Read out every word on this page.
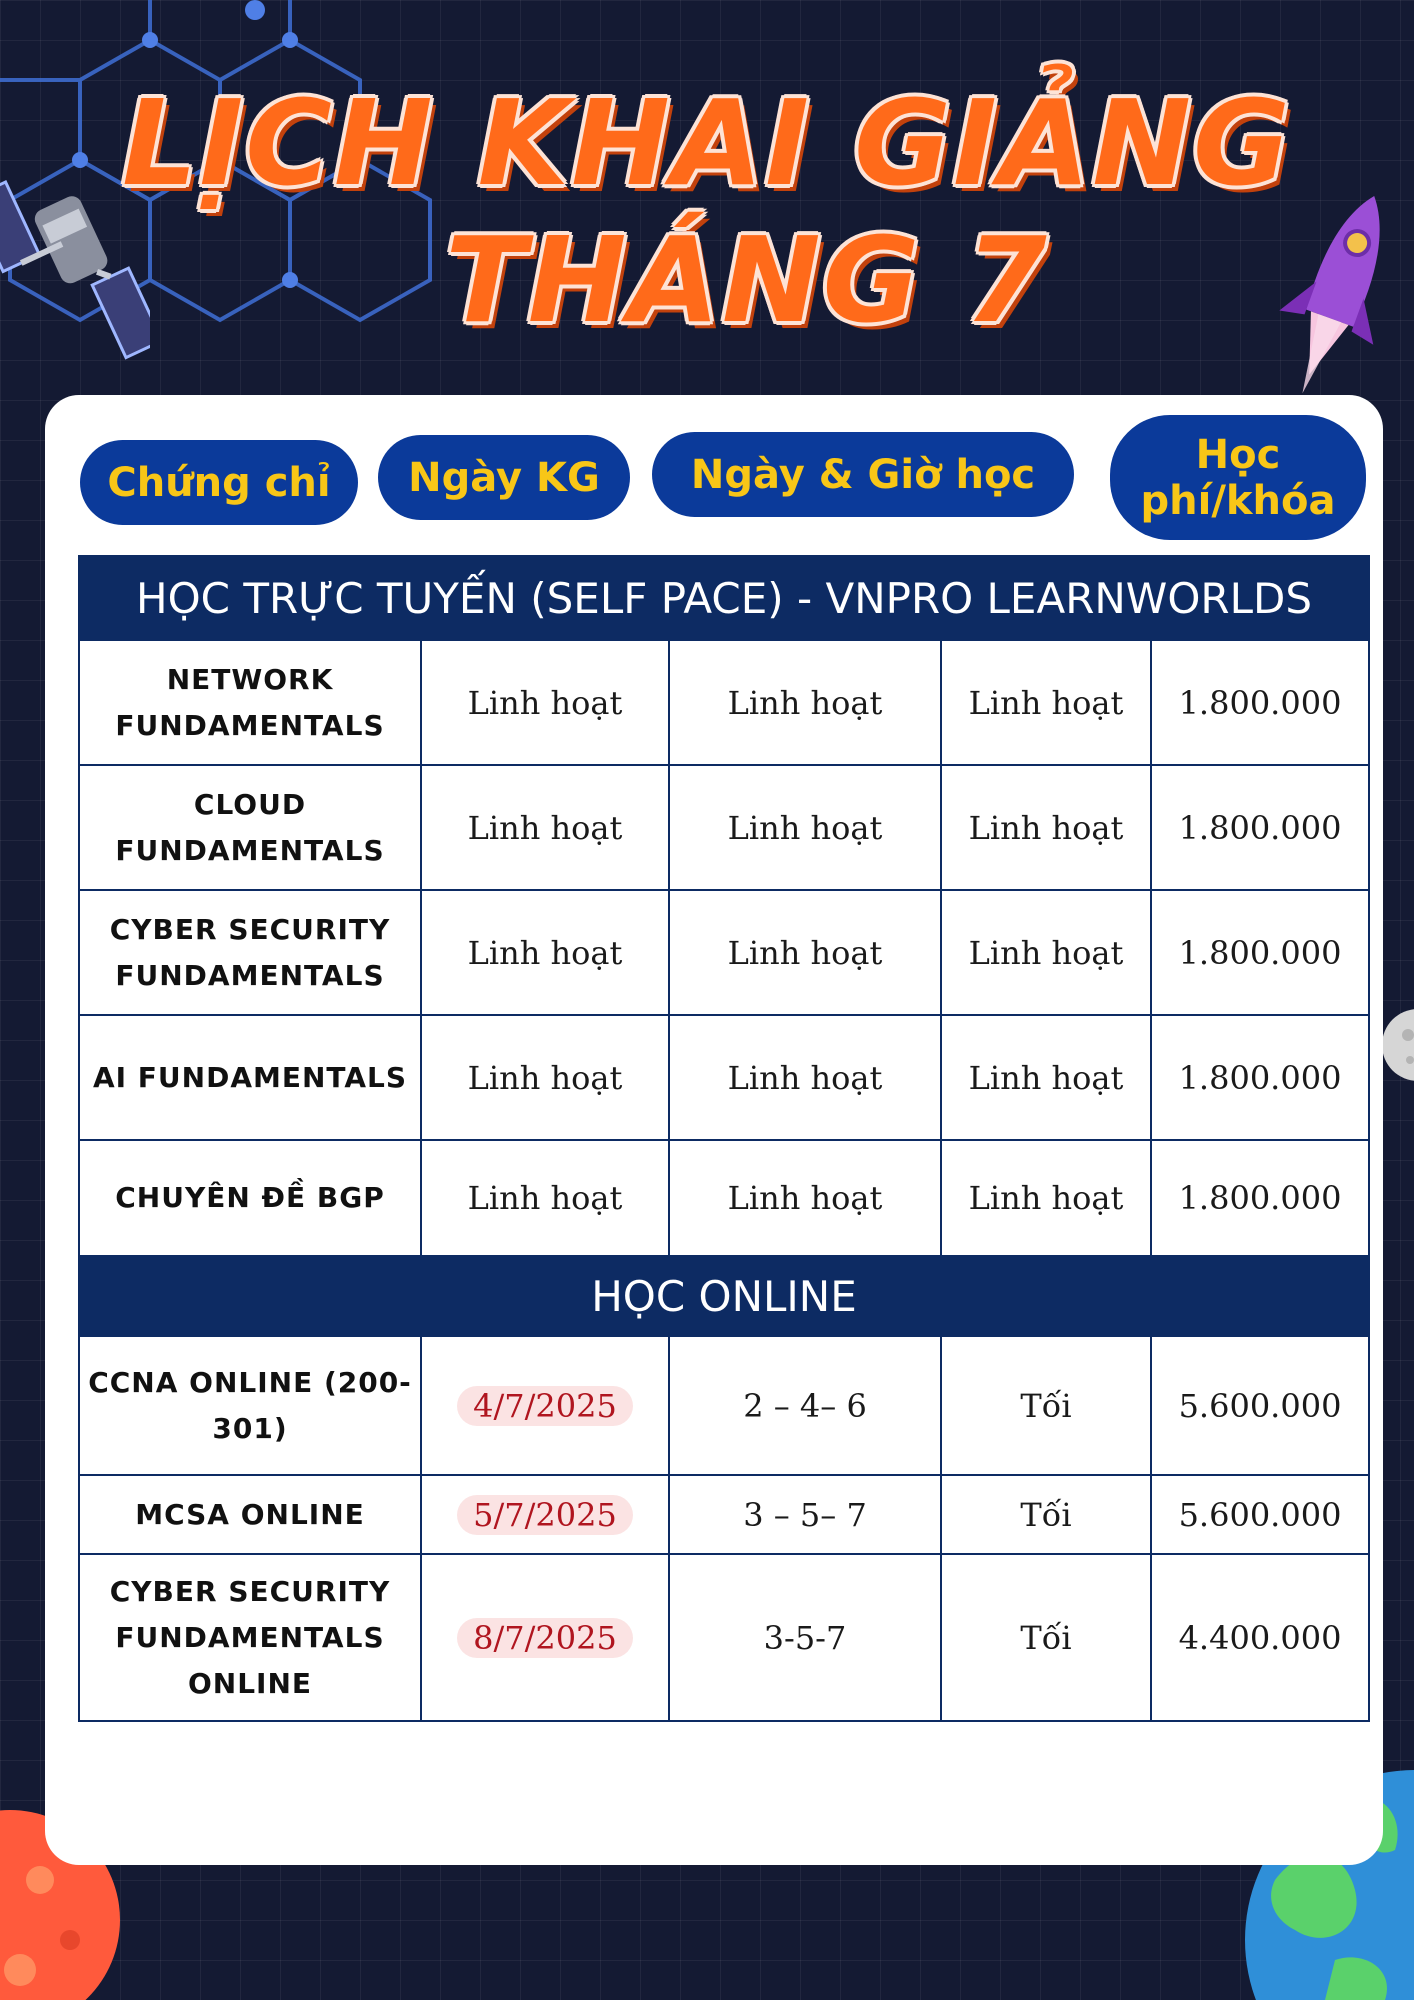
LỊCH KHAI GIẢNG
THÁNG 7
Chứng chỉ	Ngày KG	Ngày & Giờ học	Học phí/khóa
HỌC TRỰC TUYẾN (SELF PACE) - VNPRO LEARNWORLDS				
NETWORK FUNDAMENTALS	Linh hoạt	Linh hoạt	Linh hoạt	1.800.000
CLOUD FUNDAMENTALS	Linh hoạt	Linh hoạt	Linh hoạt	1.800.000
CYBER SECURITY FUNDAMENTALS	Linh hoạt	Linh hoạt	Linh hoạt	1.800.000
AI FUNDAMENTALS	Linh hoạt	Linh hoạt	Linh hoạt	1.800.000
CHUYÊN ĐỀ BGP	Linh hoạt	Linh hoạt	Linh hoạt	1.800.000
HỌC ONLINE				
CCNA ONLINE (200-301)	4/7/2025	2 – 4– 6	Tối	5.600.000
MCSA ONLINE	5/7/2025	3 – 5– 7	Tối	5.600.000
CYBER SECURITY FUNDAMENTALS ONLINE	8/7/2025	3-5-7	Tối	4.400.000
